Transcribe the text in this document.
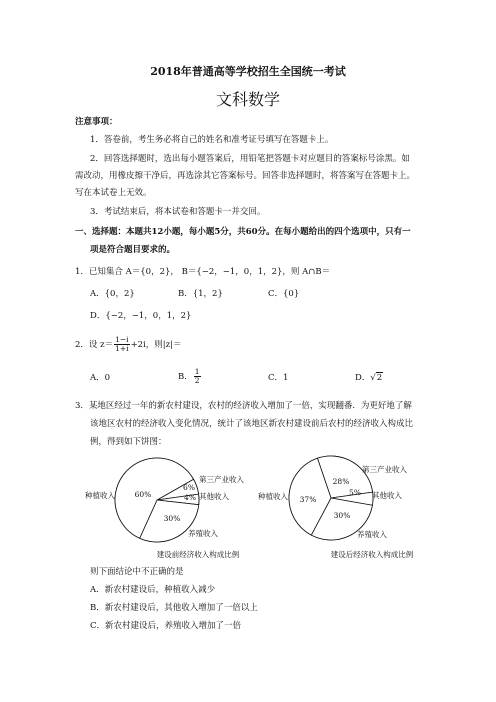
2018年普通高等学校招生全国统一考试
文科数学
注意事项：
1．答卷前，考生务必将自己的姓名和准考证号填写在答题卡上。
2．回答选择题时，选出每小题答案后，用铅笔把答题卡对应题目的答案标号涂黑。如
需改动，用橡皮擦干净后，再选涂其它答案标号。回答非选择题时，将答案写在答题卡上。
写在本试卷上无效。
3．考试结束后，将本试卷和答题卡一并交回。
一、选择题：本题共12小题，每小题5分，共60分。在每小题给出的四个选项中，只有一
项是符合题目要求的。
1．已知集合 A＝{0，2}， B＝{−2，−1，0，1，2}，则 A∩B＝
A．{0，2}	B．{1，2}	C．{0}
D．{−2，−1，0，1，2}
2．设 $z= \frac{1-i}{1+i} +2i$，则|z|＝
A．0	B． $\frac{1}{2}$	C．1	D．√2
3．某地区经过一年的新农村建设，农村的经济收入增加了一倍，实现翻番．为更好地了解
该地区农村的经济收入变化情况，统计了该地区新农村建设前后农村的经济收入构成比
例，得到如下饼图：
60%
6%
4%
30%
种植收入
第三产业收入
其他收入
养殖收入
建设前经济收入构成比例
37%
28%
5%
30%
种植收入
第三产业收入
其他收入
养殖收入
建设后经济收入构成比例
则下面结论中不正确的是
A．新农村建设后，种植收入减少
B．新农村建设后，其他收入增加了一倍以上
C．新农村建设后，养殖收入增加了一倍
